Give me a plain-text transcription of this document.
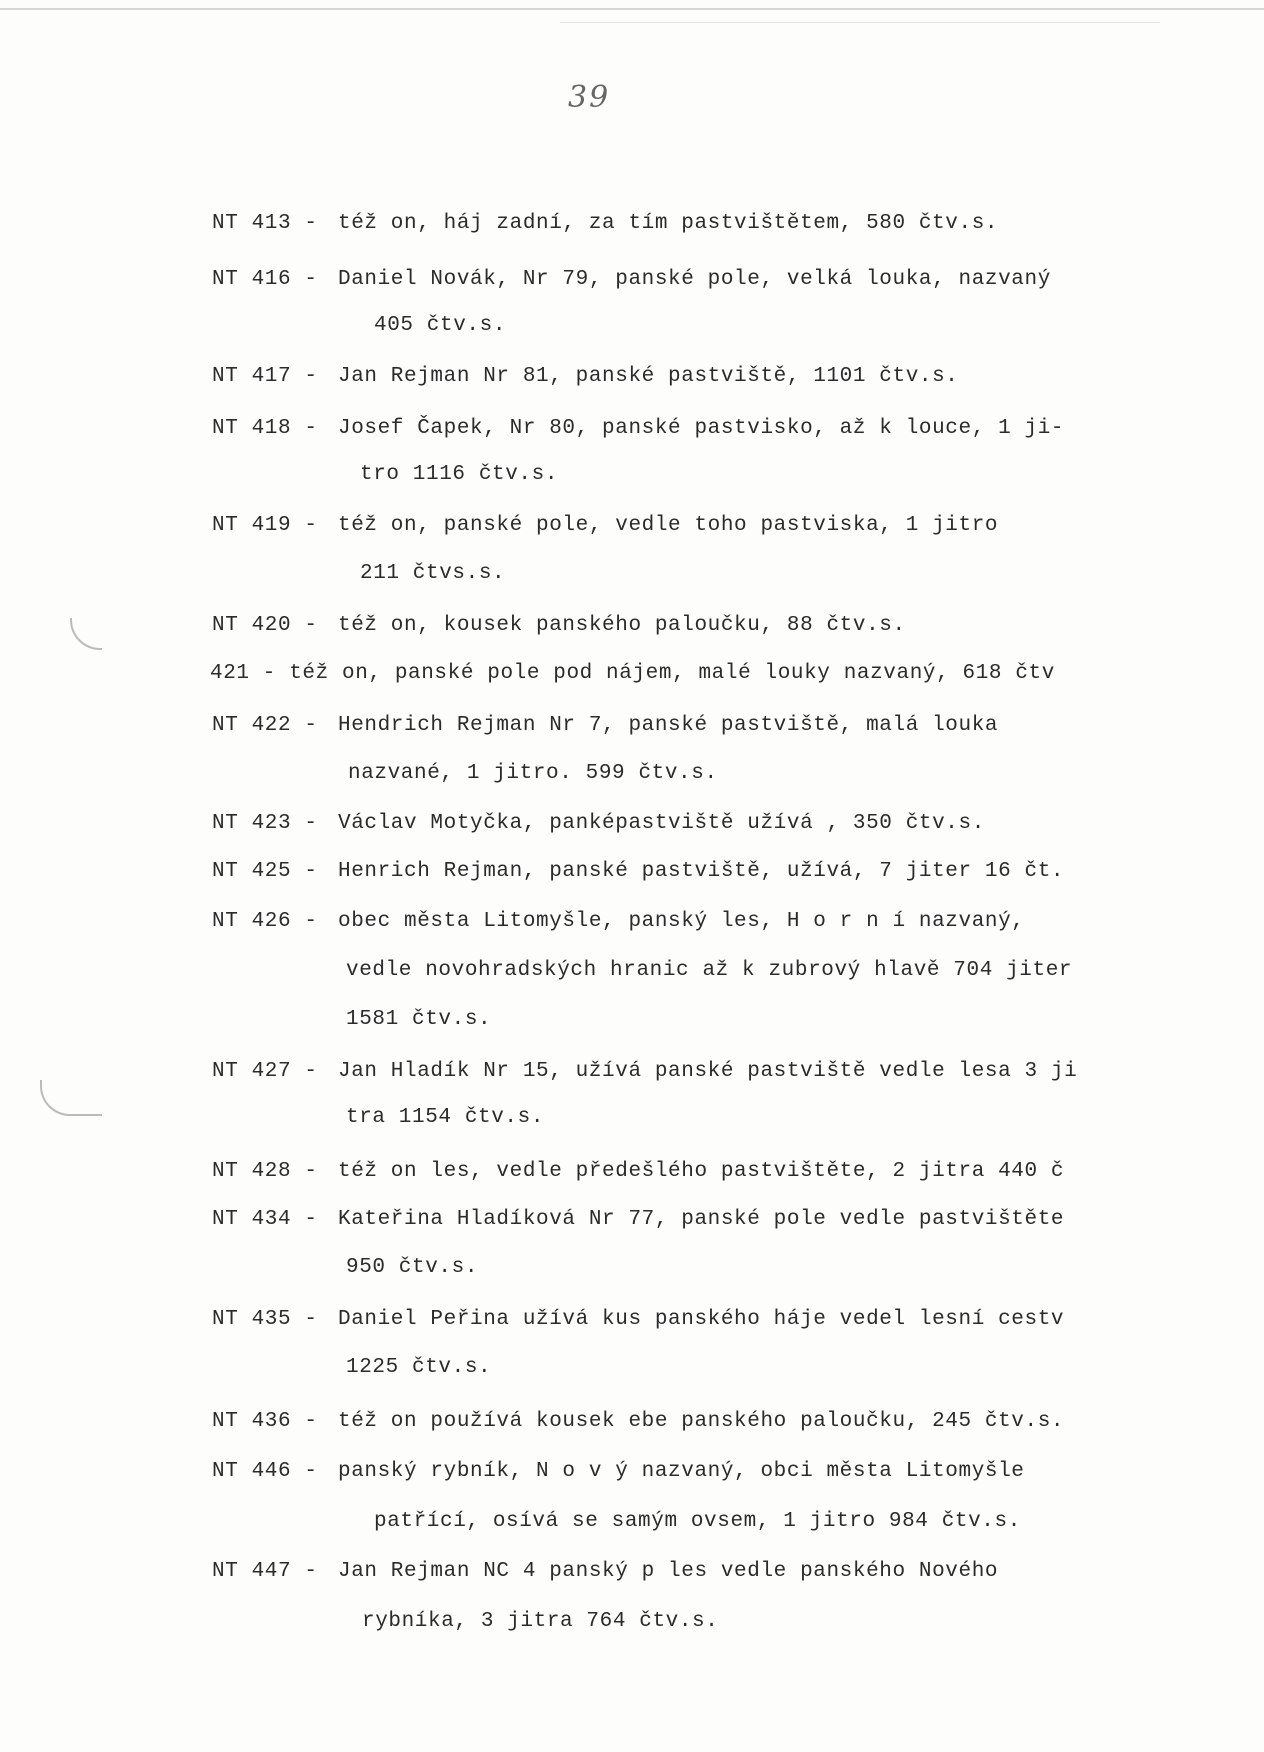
39
NT 413 - též on, háj zadní, za tím pastvištětem, 580 čtv.s.
NT 416 - Daniel Novák, Nr 79, panské pole, velká louka, nazvaný
405 čtv.s.
NT 417 - Jan Rejman Nr 81, panské pastviště, 1101 čtv.s.
NT 418 - Josef Čapek, Nr 80, panské pastvisko, až k louce, 1 ji-
tro 1116 čtv.s.
NT 419 - též on, panské pole, vedle toho pastviska, 1 jitro
211 čtvs.s.
NT 420 - též on, kousek panského paloučku, 88 čtv.s.
421 - též on, panské pole pod nájem, malé louky nazvaný, 618 čtv
NT 422 - Hendrich Rejman Nr 7, panské pastviště, malá louka
nazvané, 1 jitro. 599 čtv.s.
NT 423 - Václav Motyčka, panképastviště užívá , 350 čtv.s.
NT 425 - Henrich Rejman, panské pastviště, užívá, 7 jiter 16 čt.
NT 426 - obec města Litomyšle, panský les, H o r n í nazvaný,
vedle novohradských hranic až k zubrový hlavě 704 jiter
1581 čtv.s.
NT 427 - Jan Hladík Nr 15, užívá panské pastviště vedle lesa 3 ji
tra 1154 čtv.s.
NT 428 - též on les, vedle předešlého pastvištěte, 2 jitra 440 č
NT 434 - Kateřina Hladíková Nr 77, panské pole vedle pastvištěte
950 čtv.s.
NT 435 - Daniel Peřina užívá kus panského háje vedel lesní cestv
1225 čtv.s.
NT 436 - též on používá kousek ebe panského paloučku, 245 čtv.s.
NT 446 - panský rybník, N o v ý nazvaný, obci města Litomyšle
patřící, osívá se samým ovsem, 1 jitro 984 čtv.s.
NT 447 - Jan Rejman NC 4 panský p les vedle panského Nového
rybníka, 3 jitra 764 čtv.s.
